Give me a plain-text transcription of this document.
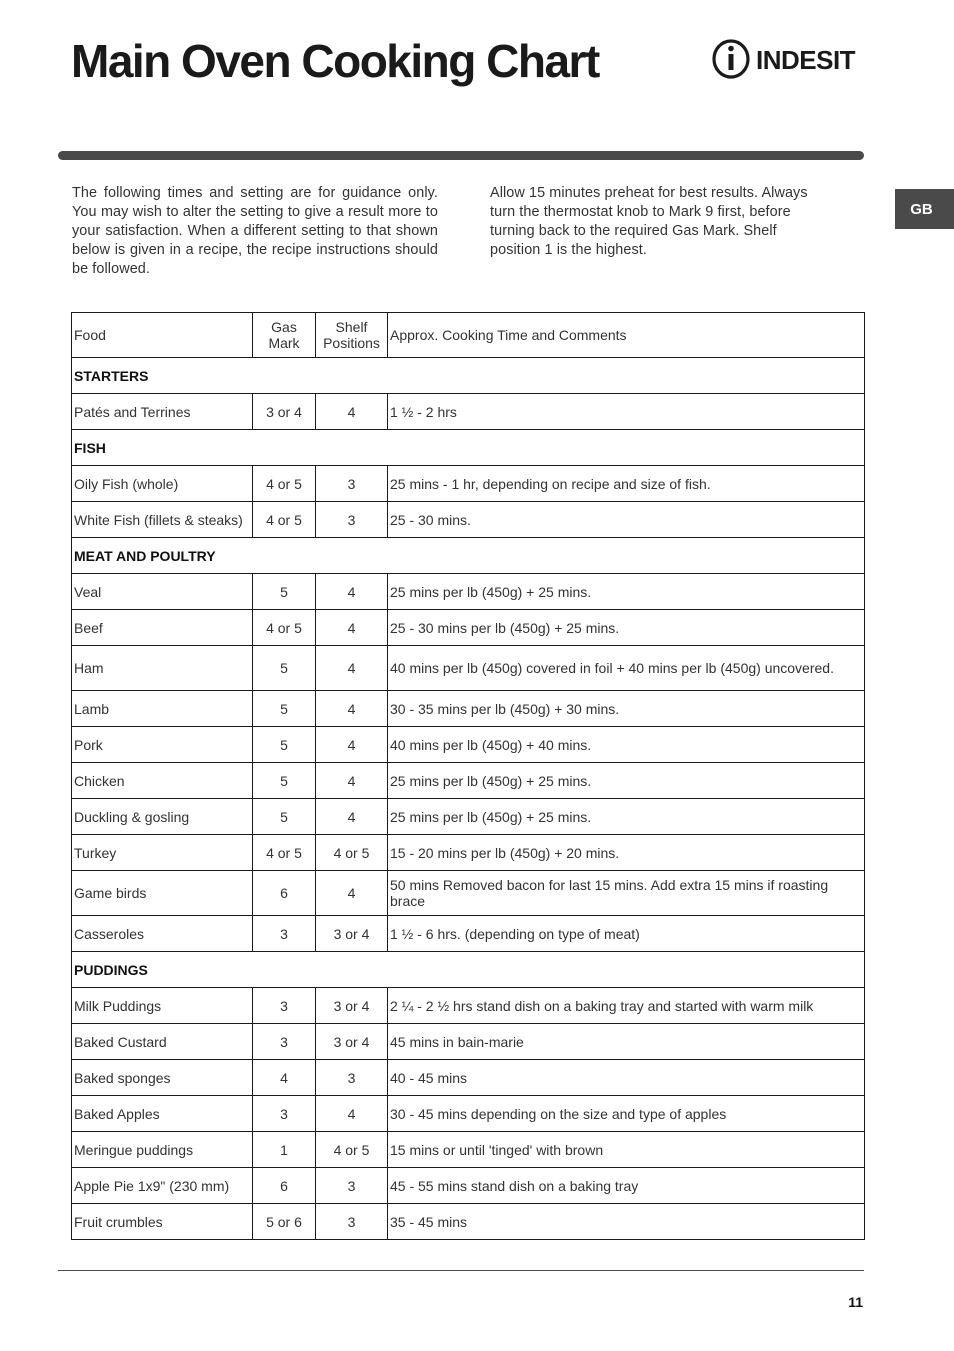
Main Oven Cooking Chart	INDESIT
GB

The following times and setting are for guidance only. You may wish to alter the setting to give a result more to your satisfaction. When a different setting to that shown below is given in a recipe, the recipe instructions should be followed.

Allow 15 minutes preheat for best results. Always turn the thermostat knob to Mark 9 first, before turning back to the required Gas Mark. Shelf position 1 is the highest.

Food	Gas Mark	Shelf Positions	Approx. Cooking Time and Comments
STARTERS			
Patés and Terrines	3 or 4	4	1 ½ - 2 hrs
FISH			
Oily Fish (whole)	4 or 5	3	25 mins - 1 hr, depending on recipe and size of fish.
White Fish (fillets & steaks)	4 or 5	3	25 - 30 mins.
MEAT AND POULTRY			
Veal	5	4	25 mins per lb (450g) + 25 mins.
Beef	4 or 5	4	25 - 30 mins per lb (450g) + 25 mins.
Ham	5	4	40 mins per lb (450g) covered in foil + 40 mins per lb (450g) uncovered.
Lamb	5	4	30 - 35 mins per lb (450g) + 30 mins.
Pork	5	4	40 mins per lb (450g) + 40 mins.
Chicken	5	4	25 mins per lb (450g) + 25 mins.
Duckling & gosling	5	4	25 mins per lb (450g) + 25 mins.
Turkey	4 or 5	4 or 5	15 - 20 mins per lb (450g) + 20 mins.
Game birds	6	4	50 mins Removed bacon for last 15 mins. Add extra 15 mins if roasting brace
Casseroles	3	3 or 4	1 ½ - 6 hrs. (depending on type of meat)
PUDDINGS			
Milk Puddings	3	3 or 4	2 ¼ - 2 ½ hrs stand dish on a baking tray and started with warm milk
Baked Custard	3	3 or 4	45 mins in bain-marie
Baked sponges	4	3	40 - 45 mins
Baked Apples	3	4	30 - 45 mins depending on the size and type of apples
Meringue puddings	1	4 or 5	15 mins or until 'tinged' with brown
Apple Pie 1x9" (230 mm)	6	3	45 - 55 mins stand dish on a baking tray
Fruit crumbles	5 or 6	3	35 - 45 mins
11
